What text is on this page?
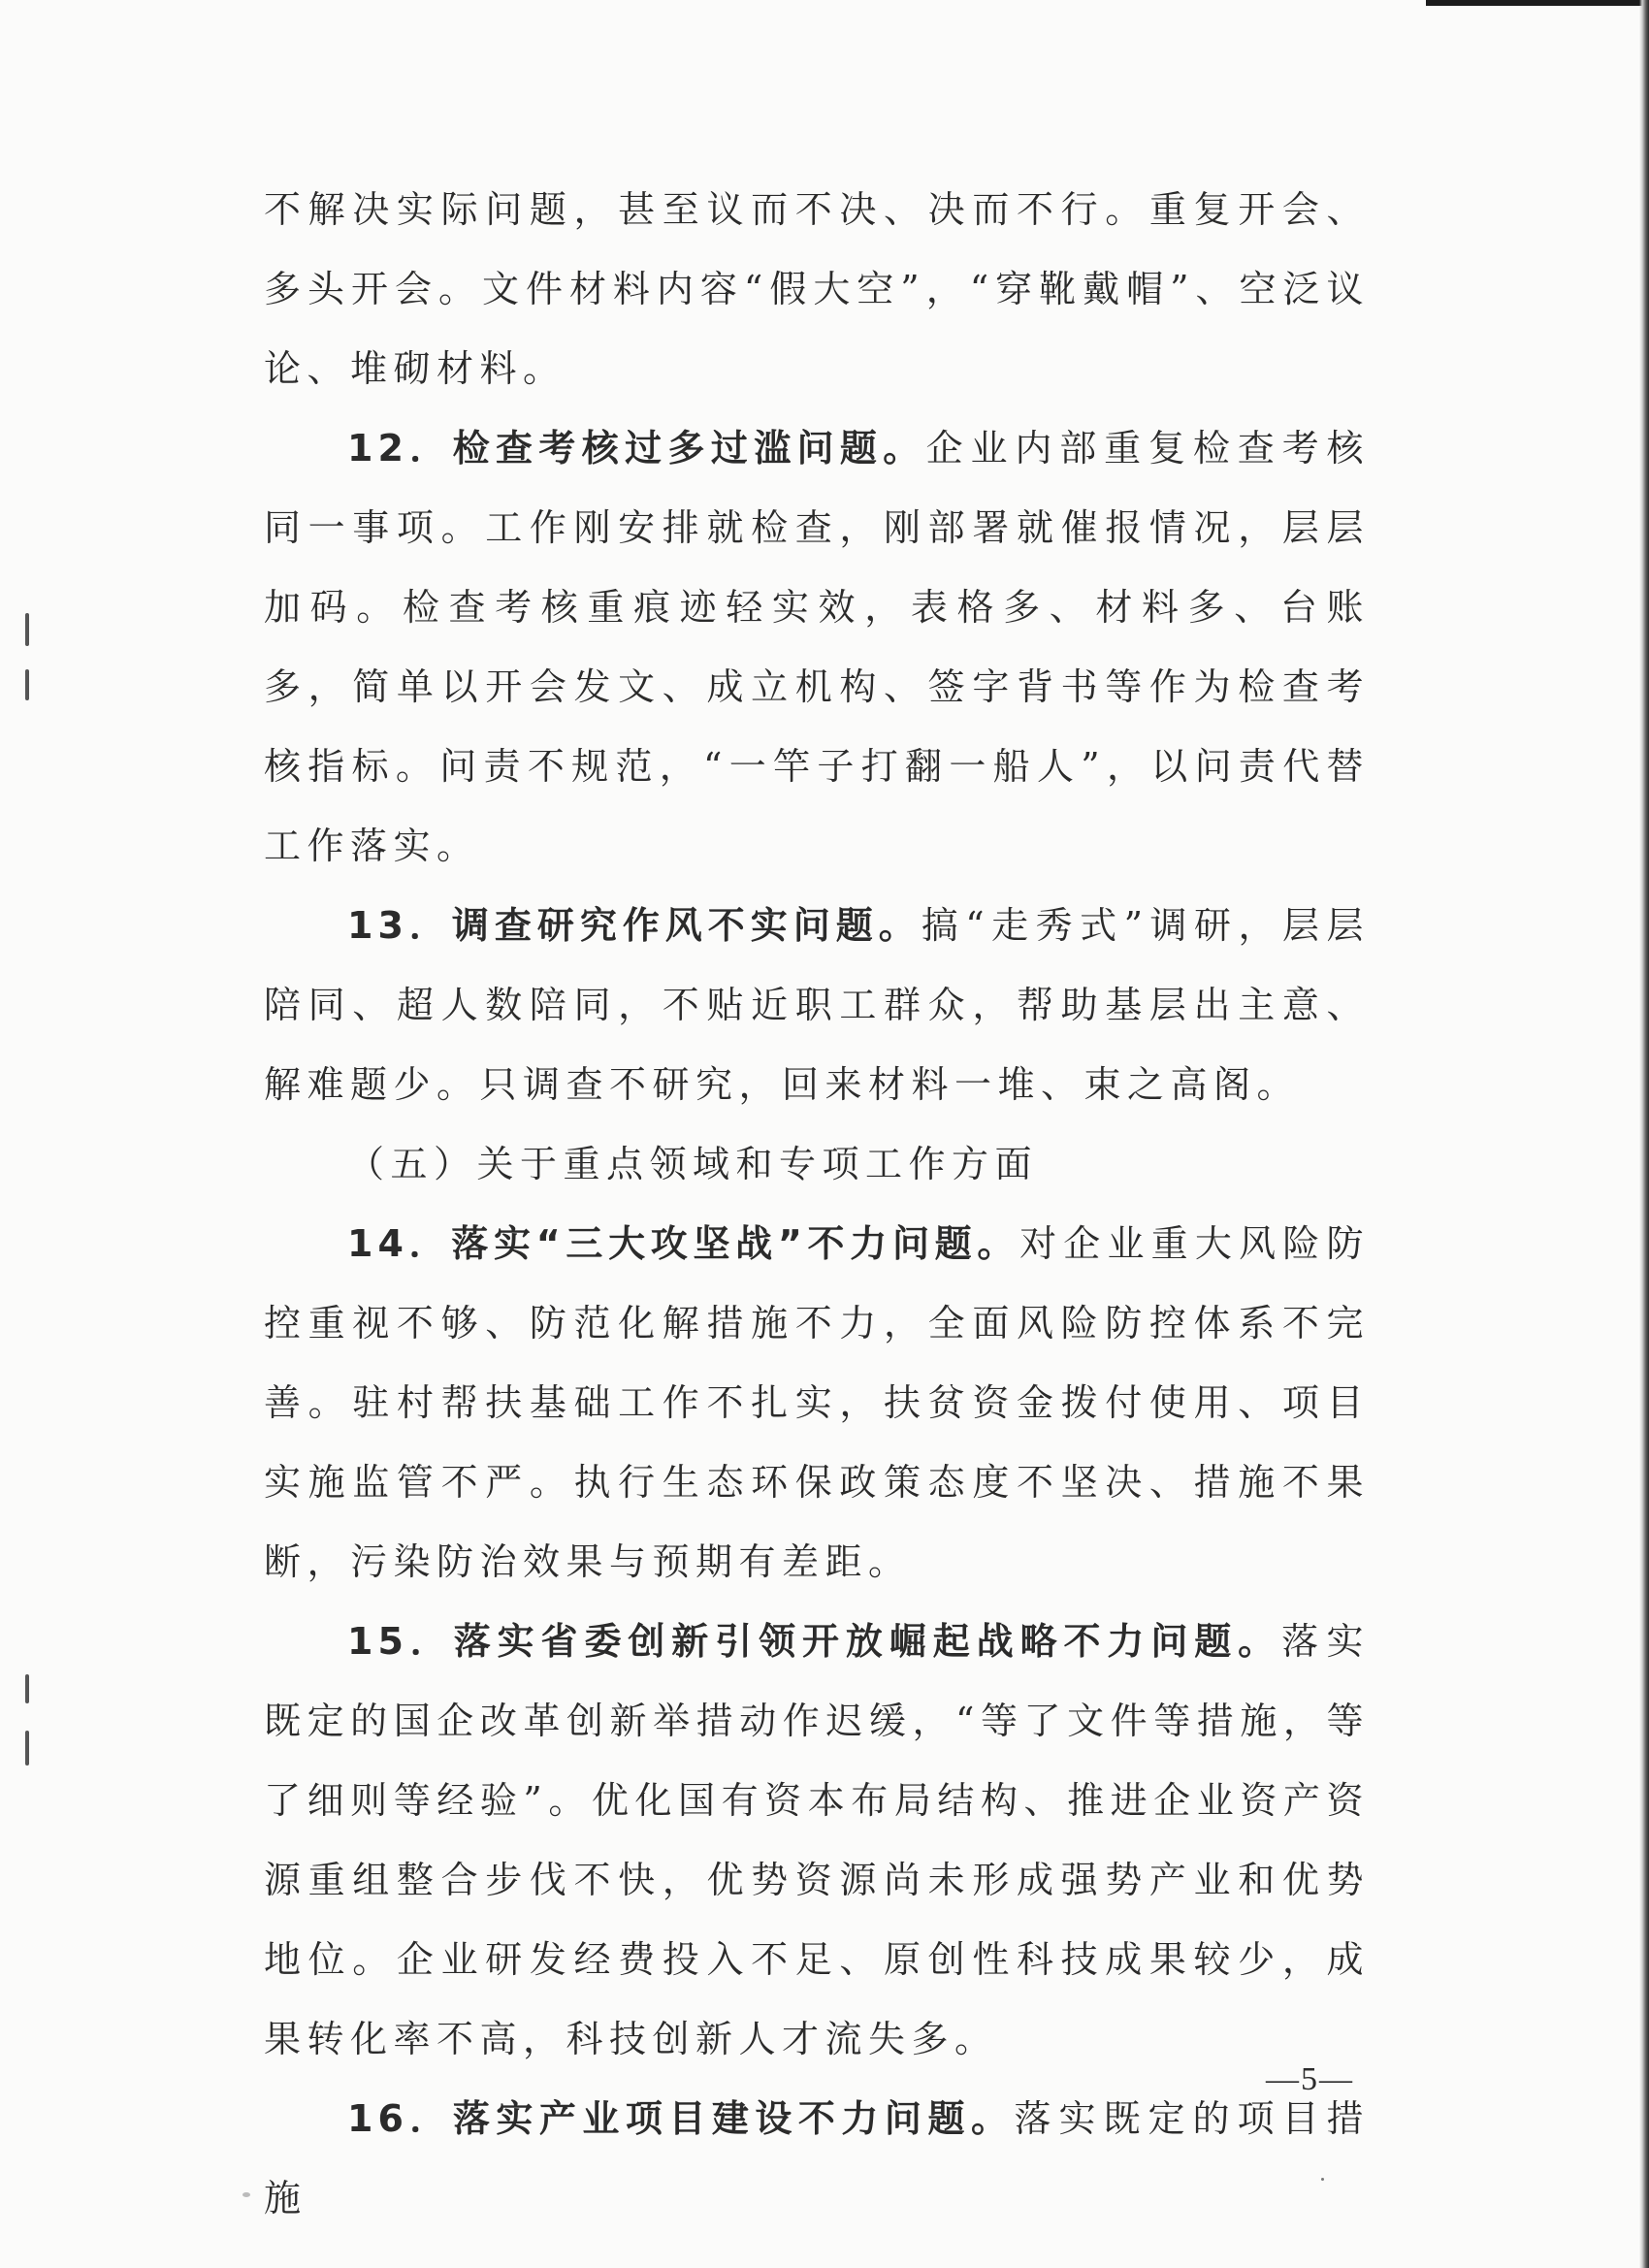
不解决实际问题，甚至议而不决、决而不行。重复开会、多头开会。文件材料内容“假大空”，“穿靴戴帽”、空泛议论、堆砌材料。

12．检查考核过多过滥问题。企业内部重复检查考核同一事项。工作刚安排就检查，刚部署就催报情况，层层加码。检查考核重痕迹轻实效，表格多、材料多、台账多，简单以开会发文、成立机构、签字背书等作为检查考核指标。问责不规范，“一竿子打翻一船人”，以问责代替工作落实。

13．调查研究作风不实问题。搞“走秀式”调研，层层陪同、超人数陪同，不贴近职工群众，帮助基层出主意、解难题少。只调查不研究，回来材料一堆、束之高阁。

（五）关于重点领域和专项工作方面

14．落实“三大攻坚战”不力问题。对企业重大风险防控重视不够、防范化解措施不力，全面风险防控体系不完善。驻村帮扶基础工作不扎实，扶贫资金拨付使用、项目实施监管不严。执行生态环保政策态度不坚决、措施不果断，污染防治效果与预期有差距。

15．落实省委创新引领开放崛起战略不力问题。落实既定的国企改革创新举措动作迟缓，“等了文件等措施，等了细则等经验”。优化国有资本布局结构、推进企业资产资源重组整合步伐不快，优势资源尚未形成强势产业和优势地位。企业研发经费投入不足、原创性科技成果较少，成果转化率不高，科技创新人才流失多。

16．落实产业项目建设不力问题。落实既定的项目措施

—5—
